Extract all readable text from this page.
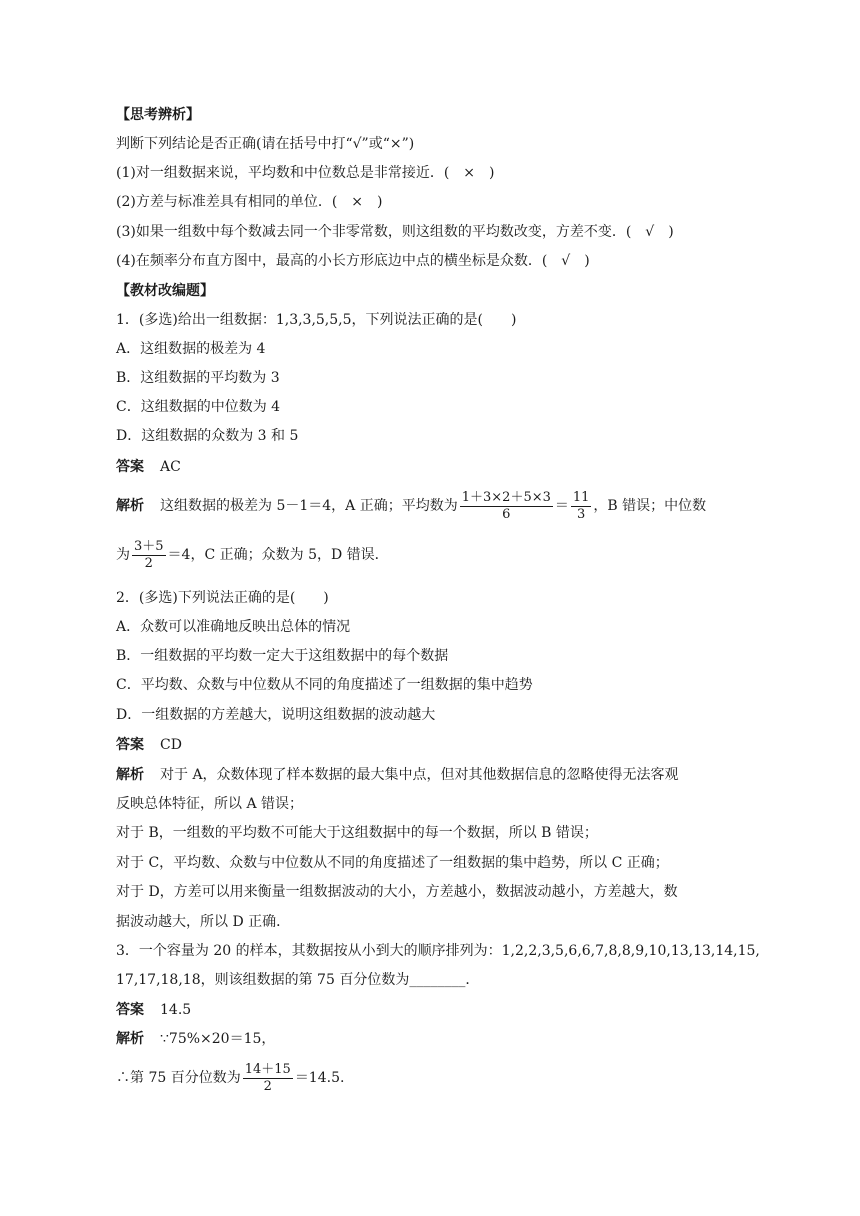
【思考辨析】
判断下列结论是否正确(请在括号中打“√”或“×”)
(1)对一组数据来说，平均数和中位数总是非常接近．(　×　)
(2)方差与标准差具有相同的单位．(　×　)
(3)如果一组数中每个数减去同一个非零常数，则这组数的平均数改变，方差不变．(　√　)
(4)在频率分布直方图中，最高的小长方形底边中点的横坐标是众数．(　√　)
【教材改编题】
1．(多选)给出一组数据：1,3,3,5,5,5，下列说法正确的是(　　)
A．这组数据的极差为 4
B．这组数据的平均数为 3
C．这组数据的中位数为 4
D．这组数据的众数为 3 和 5
答案 AC
解析 这组数据的极差为 5－1＝4，A 正确；平均数为 $\frac{1+3\times 2+5\times 3}{6} = \frac{11}{3}$ ，B 错误；中位数
为 $\frac{3+5}{2} =4$，C 正确；众数为 5，D 错误．
2．(多选)下列说法正确的是(　　)
A．众数可以准确地反映出总体的情况
B．一组数据的平均数一定大于这组数据中的每个数据
C．平均数、众数与中位数从不同的角度描述了一组数据的集中趋势
D．一组数据的方差越大，说明这组数据的波动越大
答案 CD
解析 对于 A，众数体现了样本数据的最大集中点，但对其他数据信息的忽略使得无法客观
反映总体特征，所以 A 错误；
对于 B，一组数的平均数不可能大于这组数据中的每一个数据，所以 B 错误；
对于 C，平均数、众数与中位数从不同的角度描述了一组数据的集中趋势，所以 C 正确；
对于 D，方差可以用来衡量一组数据波动的大小，方差越小，数据波动越小，方差越大，数
据波动越大，所以 D 正确．
3．一个容量为 20 的样本，其数据按从小到大的顺序排列为：1,2,2,3,5,6,6,7,8,8,9,10,13,13,14,15,
17,17,18,18，则该组数据的第 75 百分位数为________．
答案 14.5
解析 ∵75%×20＝15，
∴第 75 百分位数为 $\frac{14+15}{2} =14.5$.
